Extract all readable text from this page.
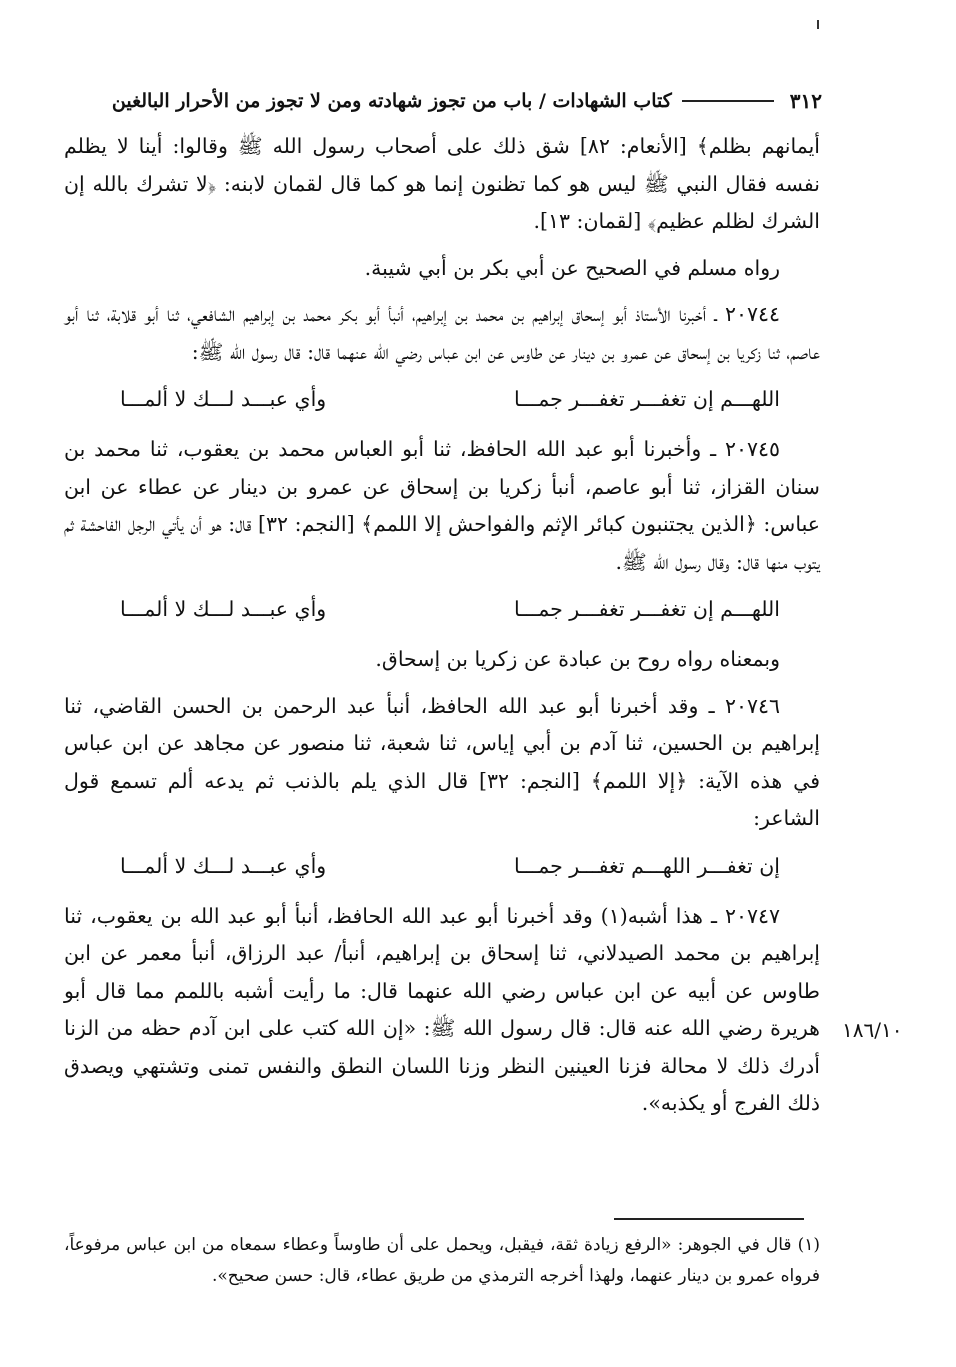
٣١٢
كتاب الشهادات / باب من تجوز شهادته ومن لا تجوز من الأحرار البالغين

أيمانهم بظلم﴾ [الأنعام: ٨٢] شق ذلك على أصحاب رسول الله ﷺ وقالوا: أينا لا يظلم نفسه فقال النبي ﷺ ليس هو كما تظنون إنما هو كما قال لقمان لابنه: ﴿لا تشرك بالله إن الشرك لظلم عظيم﴾ [لقمان: ١٣].

رواه مسلم في الصحيح عن أبي بكر بن أبي شيبة.

٢٠٧٤٤ ـ أخبرنا الأستاذ أبو إسحاق إبراهيم بن محمد بن إبراهيم، أنبأ أبو بكر محمد بن إبراهيم الشافعي، ثنا أبو قلابة، ثنا أبو عاصم، ثنا زكريا بن إسحاق عن عمرو بن دينار عن طاوس عن ابن عباس رضي الله عنهما قال: قال رسول الله ﷺ:

اللهـــم إن تغفـــر تغفـــر جمـــا
وأي عبـــد لـــك لا ألمـــا

٢٠٧٤٥ ـ وأخبرنا أبو عبد الله الحافظ، ثنا أبو العباس محمد بن يعقوب، ثنا محمد بن سنان القزاز، ثنا أبو عاصم، أنبأ زكريا بن إسحاق عن عمرو بن دينار عن عطاء عن ابن عباس: ﴿الذين يجتنبون كبائر الإثم والفواحش إلا اللمم﴾ [النجم: ٣٢] قال: هو أن يأتي الرجل الفاحشة ثم يتوب منها قال: وقال رسول الله ﷺ.

اللهـــم إن تغفـــر تغفـــر جمـــا
وأي عبـــد لـــك لا ألمـــا

وبمعناه رواه روح بن عبادة عن زكريا بن إسحاق.

٢٠٧٤٦ ـ وقد أخبرنا أبو عبد الله الحافظ، أنبأ عبد الرحمن بن الحسن القاضي، ثنا إبراهيم بن الحسين، ثنا آدم بن أبي إياس، ثنا شعبة، ثنا منصور عن مجاهد عن ابن عباس في هذه الآية: ﴿إلا اللمم﴾ [النجم: ٣٢] قال الذي يلم بالذنب ثم يدعه ألم تسمع قول الشاعر:

إن تغفـــر اللهـــم تغفـــر جمـــا
وأي عبـــد لـــك لا ألمـــا

٢٠٧٤٧ ـ هذا أشبه(١) وقد أخبرنا أبو عبد الله الحافظ، أنبأ أبو عبد الله بن يعقوب، ثنا إبراهيم بن محمد الصيدلاني، ثنا إسحاق بن إبراهيم، أنبأ/ عبد الرزاق، أنبأ معمر عن ابن طاوس عن أبيه عن ابن عباس رضي الله عنهما قال: ما رأيت أشبه باللمم مما قال أبو هريرة رضي الله عنه قال: قال رسول الله ﷺ: «إن الله كتب على ابن آدم حظه من الزنا أدرك ذلك لا محالة فزنا العينين النظر وزنا اللسان النطق والنفس تمنى وتشتهي ويصدق ذلك الفرج أو يكذبه».

١٨٦/١٠

(١) قال في الجوهر: «الرفع زيادة ثقة، فيقبل، ويحمل على أن طاوساً وعطاء سمعاه من ابن عباس مرفوعاً، فرواه عمرو بن دينار عنهما، ولهذا أخرجه الترمذي من طريق عطاء، قال: حسن صحيح».
